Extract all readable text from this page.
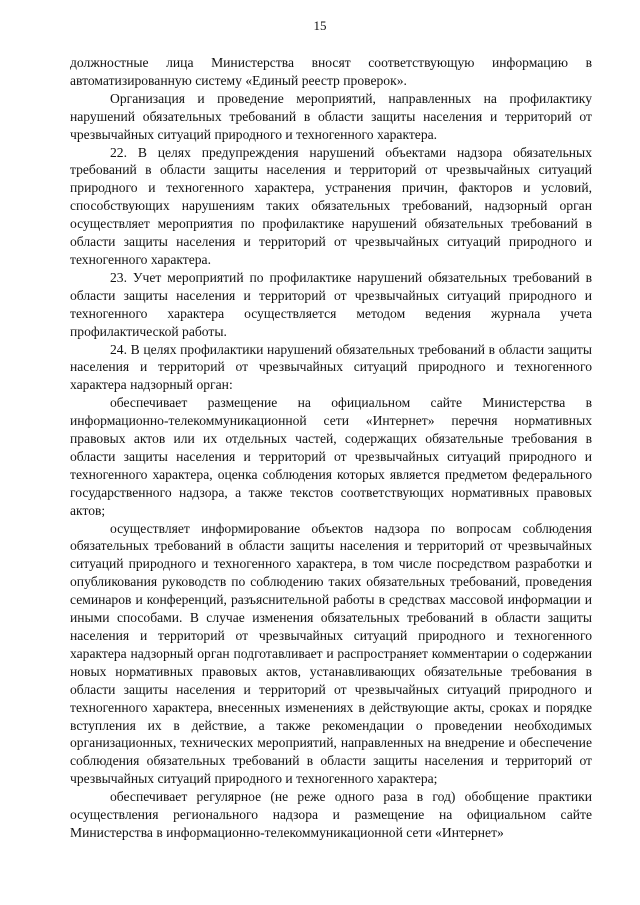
15

должностные лица Министерства вносят соответствующую информацию в автоматизированную систему «Единый реестр проверок».

Организация и проведение мероприятий, направленных на профилактику нарушений обязательных требований в области защиты населения и территорий от чрезвычайных ситуаций природного и техногенного характера.

22. В целях предупреждения нарушений объектами надзора обязательных требований в области защиты населения и территорий от чрезвычайных ситуаций природного и техногенного характера, устранения причин, факторов и условий, способствующих нарушениям таких обязательных требований, надзорный орган осуществляет мероприятия по профилактике нарушений обязательных требований в области защиты населения и территорий от чрезвычайных ситуаций природного и техногенного характера.

23. Учет мероприятий по профилактике нарушений обязательных требований в области защиты населения и территорий от чрезвычайных ситуаций природного и техногенного характера осуществляется методом ведения журнала учета профилактической работы.

24. В целях профилактики нарушений обязательных требований в области защиты населения и территорий от чрезвычайных ситуаций природного и техногенного характера надзорный орган:

обеспечивает размещение на официальном сайте Министерства в информационно-телекоммуникационной сети «Интернет» перечня нормативных правовых актов или их отдельных частей, содержащих обязательные требования в области защиты населения и территорий от чрезвычайных ситуаций природного и техногенного характера, оценка соблюдения которых является предметом федерального государственного надзора, а также текстов соответствующих нормативных правовых актов;

осуществляет информирование объектов надзора по вопросам соблюдения обязательных требований в области защиты населения и территорий от чрезвычайных ситуаций природного и техногенного характера, в том числе посредством разработки и опубликования руководств по соблюдению таких обязательных требований, проведения семинаров и конференций, разъяснительной работы в средствах массовой информации и иными способами. В случае изменения обязательных требований в области защиты населения и территорий от чрезвычайных ситуаций природного и техногенного характера надзорный орган подготавливает и распространяет комментарии о содержании новых нормативных правовых актов, устанавливающих обязательные требования в области защиты населения и территорий от чрезвычайных ситуаций природного и техногенного характера, внесенных изменениях в действующие акты, сроках и порядке вступления их в действие, а также рекомендации о проведении необходимых организационных, технических мероприятий, направленных на внедрение и обеспечение соблюдения обязательных требований в области защиты населения и территорий от чрезвычайных ситуаций природного и техногенного характера;

обеспечивает регулярное (не реже одного раза в год) обобщение практики осуществления регионального надзора и размещение на официальном сайте Министерства в информационно-телекоммуникационной сети «Интернет»
